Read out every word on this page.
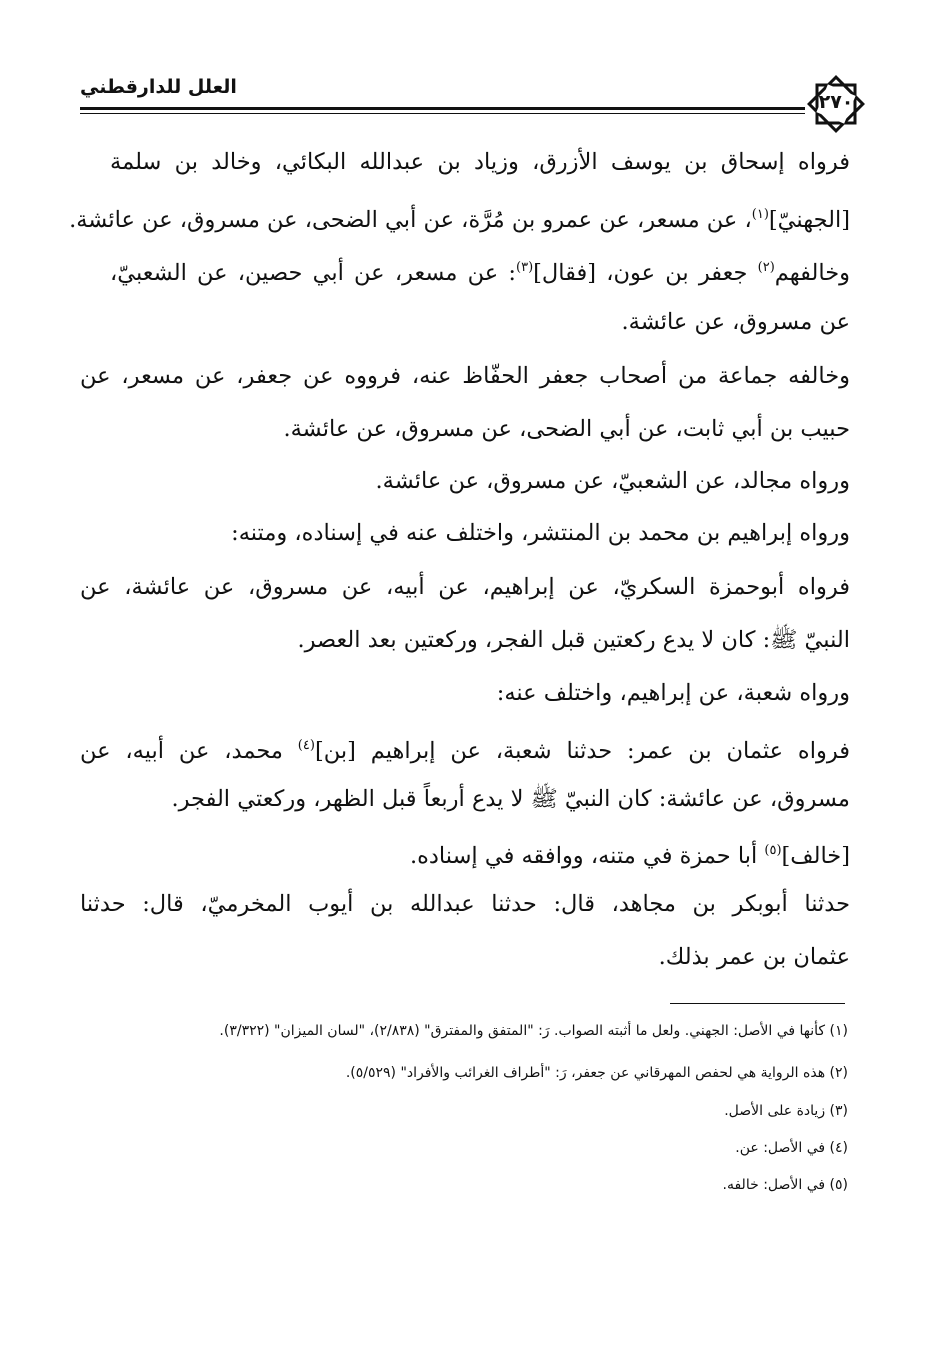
العلل للدارقطني
٢٧٠
فرواه إسحاق بن يوسف الأزرق، وزياد بن عبدالله البكائي، وخالد بن سلمة
[الجهنيّ]$^{(١)}$، عن مسعر، عن عمرو بن مُرَّة، عن أبي الضحى، عن مسروق، عن عائشة.
وخالفهم$^{(٢)}$ جعفر بن عون، [فقال]$^{(٣)}$: عن مسعر، عن أبي حصين، عن الشعبيّ،
عن مسروق، عن عائشة.
وخالفه جماعة من أصحاب جعفر الحفّاظ عنه، فرووه عن جعفر، عن مسعر، عن
حبيب بن أبي ثابت، عن أبي الضحى، عن مسروق، عن عائشة.
ورواه مجالد، عن الشعبيّ، عن مسروق، عن عائشة.
ورواه إبراهيم بن محمد بن المنتشر، واختلف عنه في إسناده، ومتنه:
فرواه أبوحمزة السكريّ، عن إبراهيم، عن أبيه، عن مسروق، عن عائشة، عن
النبيّ ﷺ: كان لا يدع ركعتين قبل الفجر، وركعتين بعد العصر.
ورواه شعبة، عن إبراهيم، واختلف عنه:
فرواه عثمان بن عمر: حدثنا شعبة، عن إبراهيم [بن]$^{(٤)}$ محمد، عن أبيه، عن
مسروق، عن عائشة: كان النبيّ ﷺ لا يدع أربعاً قبل الظهر، وركعتي الفجر.
[خالف]$^{(٥)}$ أبا حمزة في متنه، ووافقه في إسناده.
حدثنا أبوبكر بن مجاهد، قال: حدثنا عبدالله بن أيوب المخرميّ، قال: حدثنا
عثمان بن عمر بذلك.
(١) كأنها في الأصل: الجهني. ولعل ما أثبته الصواب. رَ: "المتفق والمفترق" (٢/٨٣٨)، "لسان الميزان" (٣/٣٢٢).
(٢) هذه الرواية هي لحفص المهرقاني عن جعفر، رَ: "أطراف الغرائب والأفراد" (٥/٥٢٩).
(٣) زيادة على الأصل.
(٤) في الأصل: عن.
(٥) في الأصل: خالفه.
